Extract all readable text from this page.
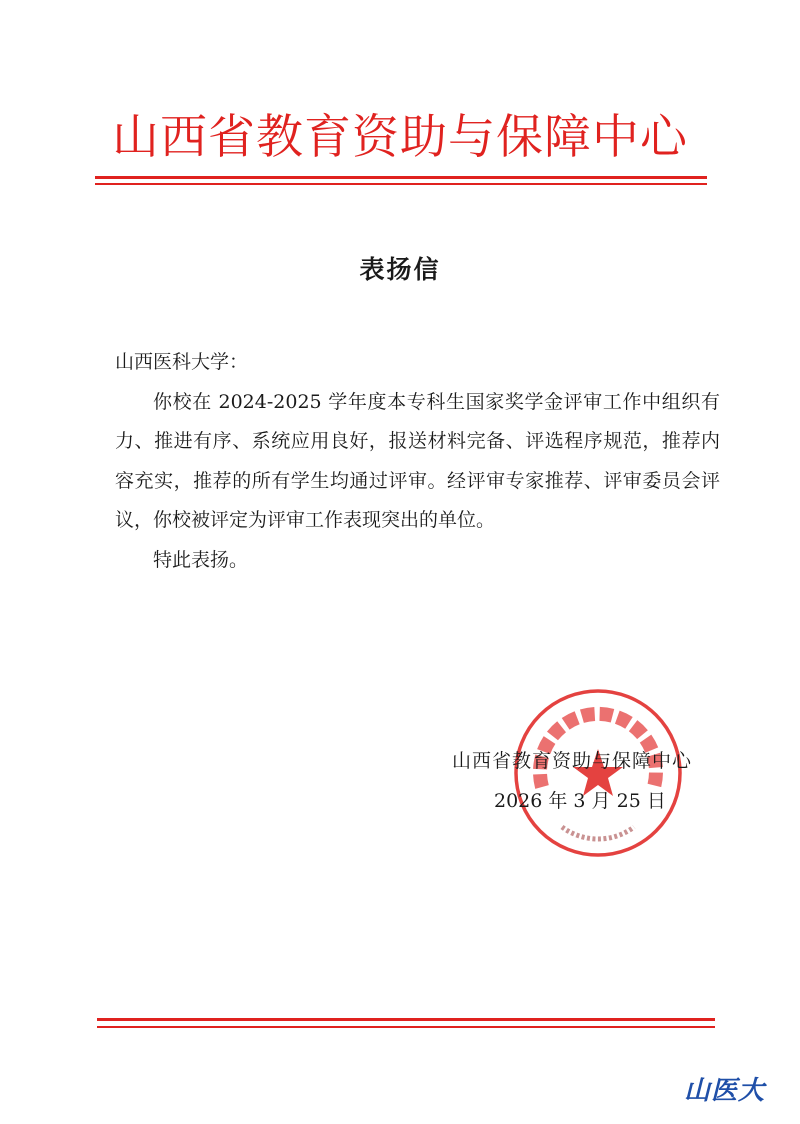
山西省教育资助与保障中心
表扬信

山西医科大学：

你校在 2024-2025 学年度本专科生国家奖学金评审工作中组织有力、推进有序、系统应用良好，报送材料完备、评选程序规范，推荐内容充实，推荐的所有学生均通过评审。经评审专家推荐、评审委员会评议，你校被评定为评审工作表现突出的单位。

特此表扬。

山西省教育资助与保障中心
2026 年 3 月 25 日
山医大
